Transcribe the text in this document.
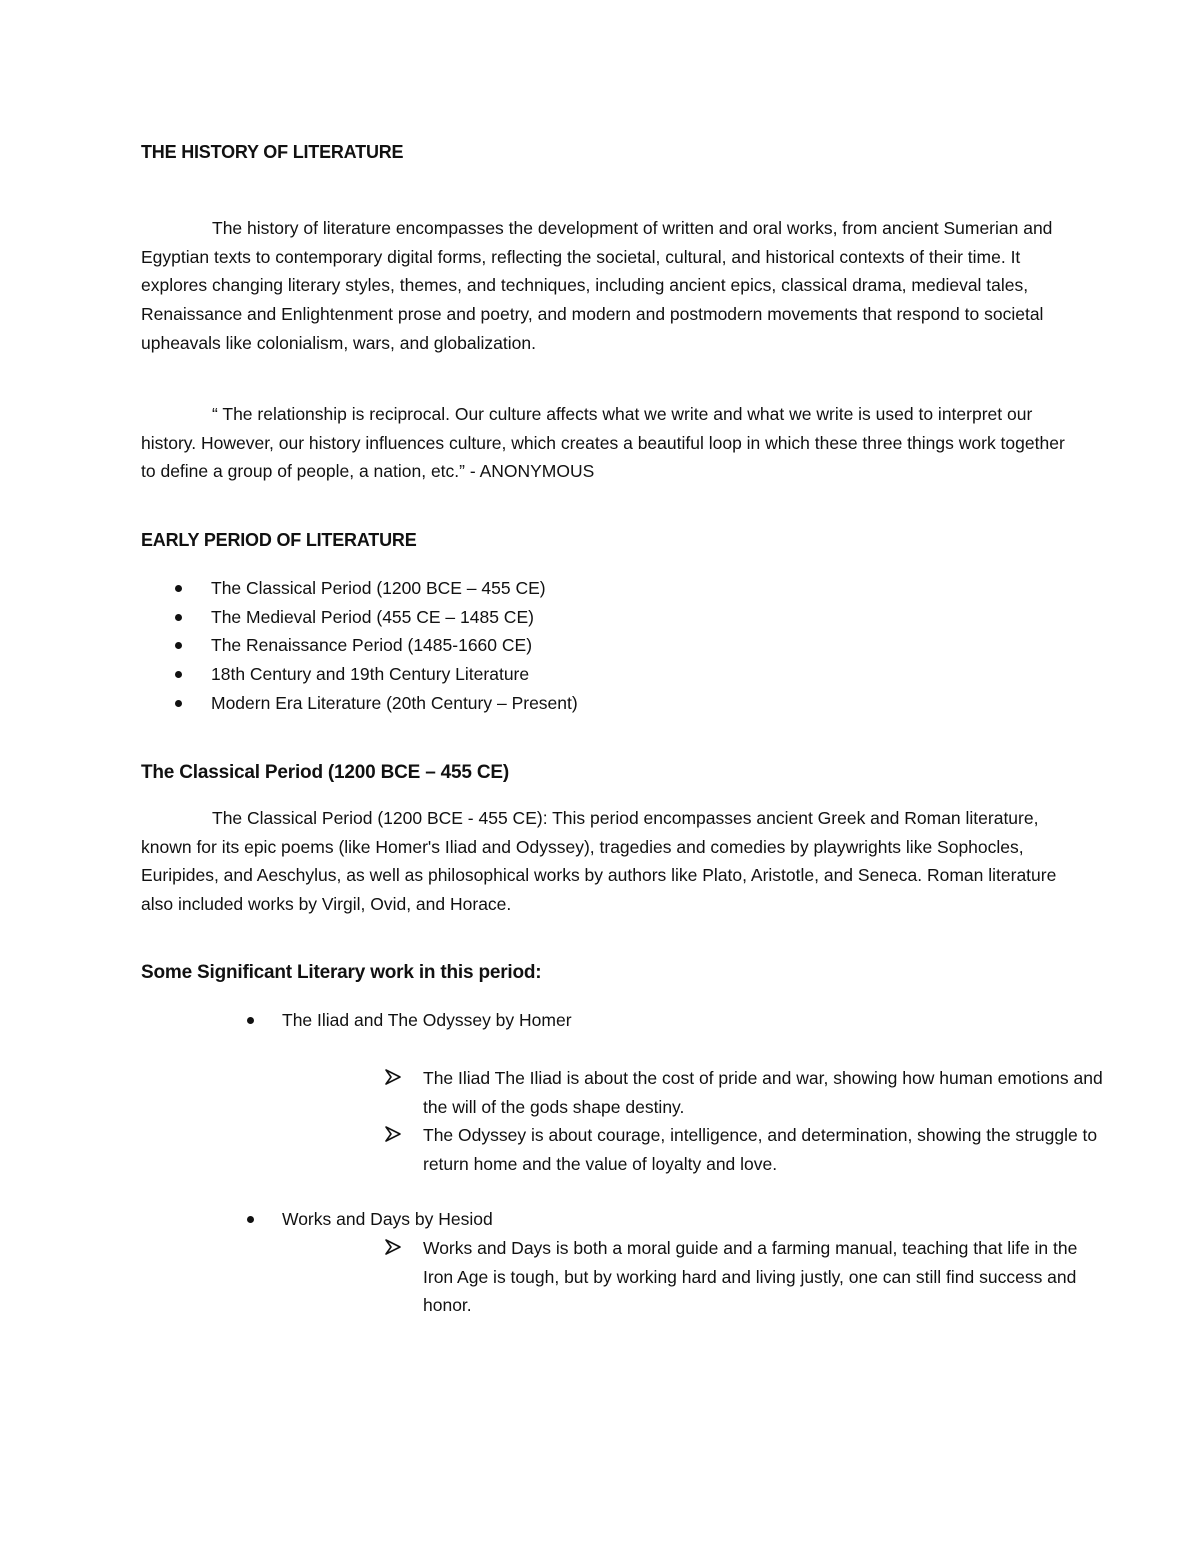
THE HISTORY OF LITERATURE

The history of literature encompasses the development of written and oral works, from ancient Sumerian and Egyptian texts to contemporary digital forms, reflecting the societal, cultural, and historical contexts of their time. It explores changing literary styles, themes, and techniques, including ancient epics, classical drama, medieval tales, Renaissance and Enlightenment prose and poetry, and modern and postmodern movements that respond to societal upheavals like colonialism, wars, and globalization.

“ The relationship is reciprocal. Our culture affects what we write and what we write is used to interpret our history. However, our history influences culture, which creates a beautiful loop in which these three things work together to define a group of people, a nation, etc.” - ANONYMOUS

EARLY PERIOD OF LITERATURE
The Classical Period (1200 BCE – 455 CE)
The Medieval Period (455 CE – 1485 CE)
The Renaissance Period (1485-1660 CE)
18th Century and 19th Century Literature
Modern Era Literature (20th Century – Present)
The Classical Period (1200 BCE – 455 CE)

The Classical Period (1200 BCE - 455 CE): This period encompasses ancient Greek and Roman literature, known for its epic poems (like Homer's Iliad and Odyssey), tragedies and comedies by playwrights like Sophocles, Euripides, and Aeschylus, as well as philosophical works by authors like Plato, Aristotle, and Seneca. Roman literature also included works by Virgil, Ovid, and Horace.

Some Significant Literary work in this period:

The Iliad and The Odyssey by Homer

The Iliad The Iliad is about the cost of pride and war, showing how human emotions and the will of the gods shape destiny.

The Odyssey is about courage, intelligence, and determination, showing the struggle to return home and the value of loyalty and love.

Works and Days by Hesiod

Works and Days is both a moral guide and a farming manual, teaching that life in the Iron Age is tough, but by working hard and living justly, one can still find success and honor.
